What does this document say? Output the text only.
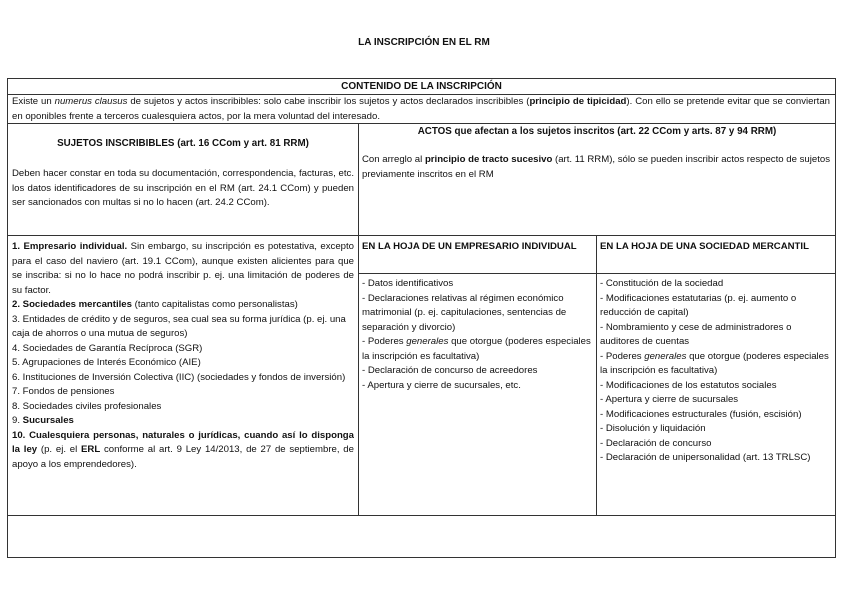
LA INSCRIPCIÓN EN EL RM
CONTENIDO DE LA INSCRIPCIÓN
Existe un numerus clausus de sujetos y actos inscribibles: solo cabe inscribir los sujetos y actos declarados inscribibles (principio de tipicidad). Con ello se pretende evitar que se conviertan en oponibles frente a terceros cualesquiera actos, por la mera voluntad del interesado.
SUJETOS INSCRIBIBLES (art. 16 CCom y art. 81 RRM)
Deben hacer constar en toda su documentación, correspondencia, facturas, etc. los datos identificadores de su inscripción en el RM (art. 24.1 CCom) y pueden ser sancionados con multas si no lo hacen (art. 24.2 CCom).
ACTOS que afectan a los sujetos inscritos (art. 22 CCom y arts. 87 y 94 RRM)
Con arreglo al principio de tracto sucesivo (art. 11 RRM), sólo se pueden inscribir actos respecto de sujetos previamente inscritos en el RM
1. Empresario individual. Sin embargo, su inscripción es potestativa, excepto para el caso del naviero (art. 19.1 CCom), aunque existen alicientes para que se inscriba: si no lo hace no podrá inscribir p. ej. una limitación de poderes de su factor.
2. Sociedades mercantiles (tanto capitalistas como personalistas)
3. Entidades de crédito y de seguros, sea cual sea su forma jurídica (p. ej. una caja de ahorros o una mutua de seguros)
4. Sociedades de Garantía Recíproca (SGR)
5. Agrupaciones de Interés Económico (AIE)
6. Instituciones de Inversión Colectiva (IIC) (sociedades y fondos de inversión)
7. Fondos de pensiones
8. Sociedades civiles profesionales
9. Sucursales
10. Cualesquiera personas, naturales o jurídicas, cuando así lo disponga la ley (p. ej. el ERL conforme al art. 9 Ley 14/2013, de 27 de septiembre, de apoyo a los emprendedores).
EN LA HOJA DE UN EMPRESARIO INDIVIDUAL
- Datos identificativos
- Declaraciones relativas al régimen económico matrimonial (p. ej. capitulaciones, sentencias de separación y divorcio)
- Poderes generales que otorgue (poderes especiales la inscripción es facultativa)
- Declaración de concurso de acreedores
- Apertura y cierre de sucursales, etc.
EN LA HOJA DE UNA SOCIEDAD MERCANTIL
- Constitución de la sociedad
- Modificaciones estatutarias (p. ej. aumento o reducción de capital)
- Nombramiento y cese de administradores o auditores de cuentas
- Poderes generales que otorgue (poderes especiales la inscripción es facultativa)
- Modificaciones de los estatutos sociales
- Apertura y cierre de sucursales
- Modificaciones estructurales (fusión, escisión)
- Disolución y liquidación
- Declaración de concurso
- Declaración de unipersonalidad (art. 13 TRLSC)
